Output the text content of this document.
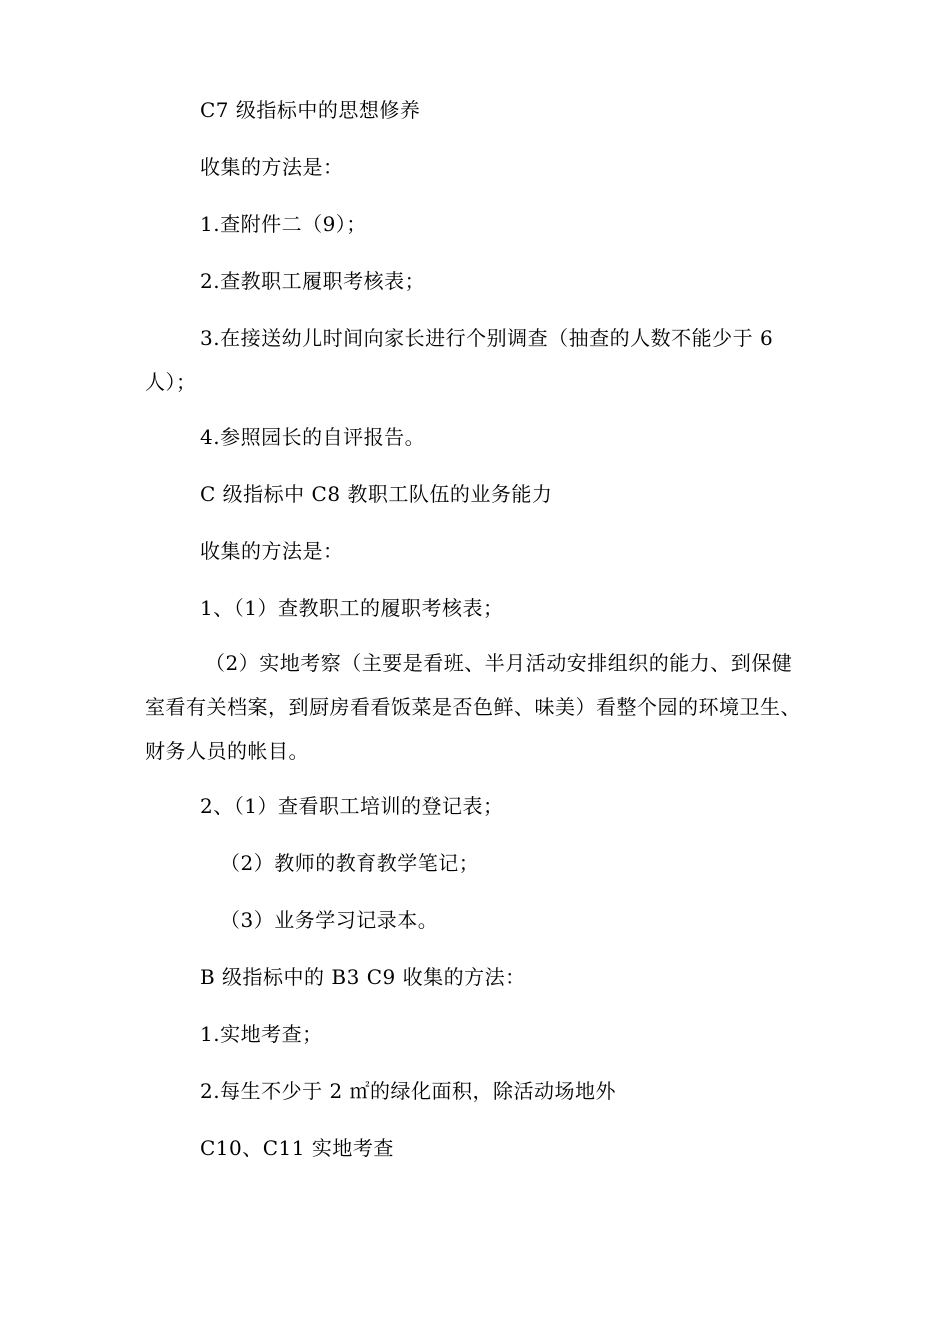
C7 级指标中的思想修养
收集的方法是：
1.查附件二（9）；
2.查教职工履职考核表；
3.在接送幼儿时间向家长进行个别调查（抽查的人数不能少于 6 人）；
4.参照园长的自评报告。
C 级指标中 C8 教职工队伍的业务能力
收集的方法是：
1、（1）查教职工的履职考核表；
（2）实地考察（主要是看班、半月活动安排组织的能力、到保健室看有关档案，到厨房看看饭菜是否色鲜、味美）看整个园的环境卫生、财务人员的帐目。
2、（1）查看职工培训的登记表；
（2）教师的教育教学笔记；
（3）业务学习记录本。
B 级指标中的 B3 C9 收集的方法：
1.实地考查；
2.每生不少于 2 ㎡的绿化面积，除活动场地外
C10、C11 实地考查
